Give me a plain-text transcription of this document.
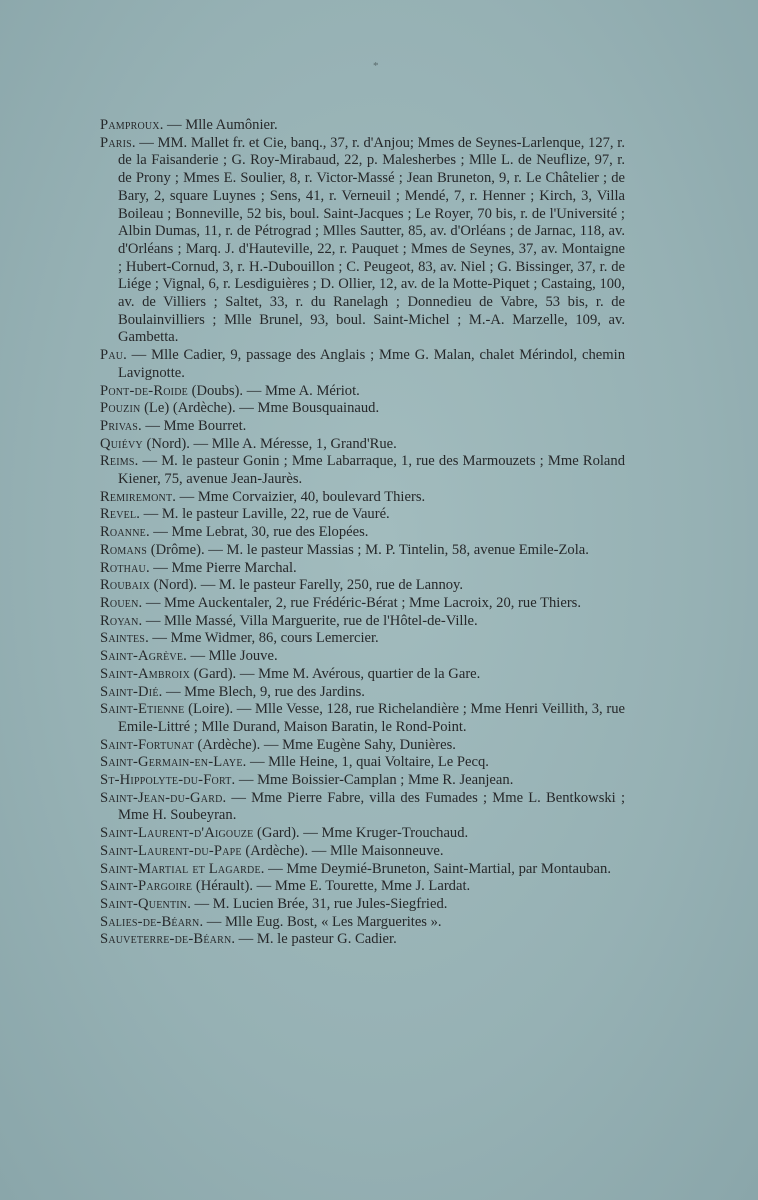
*

Pamproux. — Mlle Aumônier.

Paris. — MM. Mallet fr. et Cie, banq., 37, r. d'Anjou; Mmes de Seynes-Larlenque, 127, r. de la Faisanderie ; G. Roy-Mirabaud, 22, p. Malesherbes ; Mlle L. de Neuflize, 97, r. de Prony ; Mmes E. Soulier, 8, r. Victor-Massé ; Jean Bruneton, 9, r. Le Châtelier ; de Bary, 2, square Luynes ; Sens, 41, r. Verneuil ; Mendé, 7, r. Henner ; Kirch, 3, Villa Boileau ; Bonneville, 52 bis, boul. Saint-Jacques ; Le Royer, 70 bis, r. de l'Université ; Albin Dumas, 11, r. de Pétrograd ; Mlles Sautter, 85, av. d'Orléans ; de Jarnac, 118, av. d'Orléans ; Marq. J. d'Hauteville, 22, r. Pauquet ; Mmes de Seynes, 37, av. Montaigne ; Hubert-Cornud, 3, r. H.-Dubouillon ; C. Peugeot, 83, av. Niel ; G. Bissinger, 37, r. de Liége ; Vignal, 6, r. Lesdiguières ; D. Ollier, 12, av. de la Motte-Piquet ; Castaing, 100, av. de Villiers ; Saltet, 33, r. du Ranelagh ; Donnedieu de Vabre, 53 bis, r. de Boulainvilliers ; Mlle Brunel, 93, boul. Saint-Michel ; M.-A. Marzelle, 109, av. Gambetta.

Pau. — Mlle Cadier, 9, passage des Anglais ; Mme G. Malan, chalet Mérindol, chemin Lavignotte.

Pont-de-Roide (Doubs). — Mme A. Mériot.

Pouzin (Le) (Ardèche). — Mme Bousquainaud.

Privas. — Mme Bourret.

Quiévy (Nord). — Mlle A. Méresse, 1, Grand'Rue.

Reims. — M. le pasteur Gonin ; Mme Labarraque, 1, rue des Marmouzets ; Mme Roland Kiener, 75, avenue Jean-Jaurès.

Remiremont. — Mme Corvaizier, 40, boulevard Thiers.

Revel. — M. le pasteur Laville, 22, rue de Vauré.

Roanne. — Mme Lebrat, 30, rue des Elopées.

Romans (Drôme). — M. le pasteur Massias ; M. P. Tintelin, 58, avenue Emile-Zola.

Rothau. — Mme Pierre Marchal.

Roubaix (Nord). — M. le pasteur Farelly, 250, rue de Lannoy.

Rouen. — Mme Auckentaler, 2, rue Frédéric-Bérat ; Mme Lacroix, 20, rue Thiers.

Royan. — Mlle Massé, Villa Marguerite, rue de l'Hôtel-de-Ville.

Saintes. — Mme Widmer, 86, cours Lemercier.

Saint-Agrève. — Mlle Jouve.

Saint-Ambroix (Gard). — Mme M. Avérous, quartier de la Gare.

Saint-Dié. — Mme Blech, 9, rue des Jardins.

Saint-Etienne (Loire). — Mlle Vesse, 128, rue Richelandière ; Mme Henri Veillith, 3, rue Emile-Littré ; Mlle Durand, Maison Baratin, le Rond-Point.

Saint-Fortunat (Ardèche). — Mme Eugène Sahy, Dunières.

Saint-Germain-en-Laye. — Mlle Heine, 1, quai Voltaire, Le Pecq.

St-Hippolyte-du-Fort. — Mme Boissier-Camplan ; Mme R. Jeanjean.

Saint-Jean-du-Gard. — Mme Pierre Fabre, villa des Fumades ; Mme L. Bentkowski ; Mme H. Soubeyran.

Saint-Laurent-d'Aigouze (Gard). — Mme Kruger-Trouchaud.

Saint-Laurent-du-Pape (Ardèche). — Mlle Maisonneuve.

Saint-Martial et Lagarde. — Mme Deymié-Bruneton, Saint-Martial, par Montauban.

Saint-Pargoire (Hérault). — Mme E. Tourette, Mme J. Lardat.

Saint-Quentin. — M. Lucien Brée, 31, rue Jules-Siegfried.

Salies-de-Béarn. — Mlle Eug. Bost, « Les Marguerites ».

Sauveterre-de-Béarn. — M. le pasteur G. Cadier.
